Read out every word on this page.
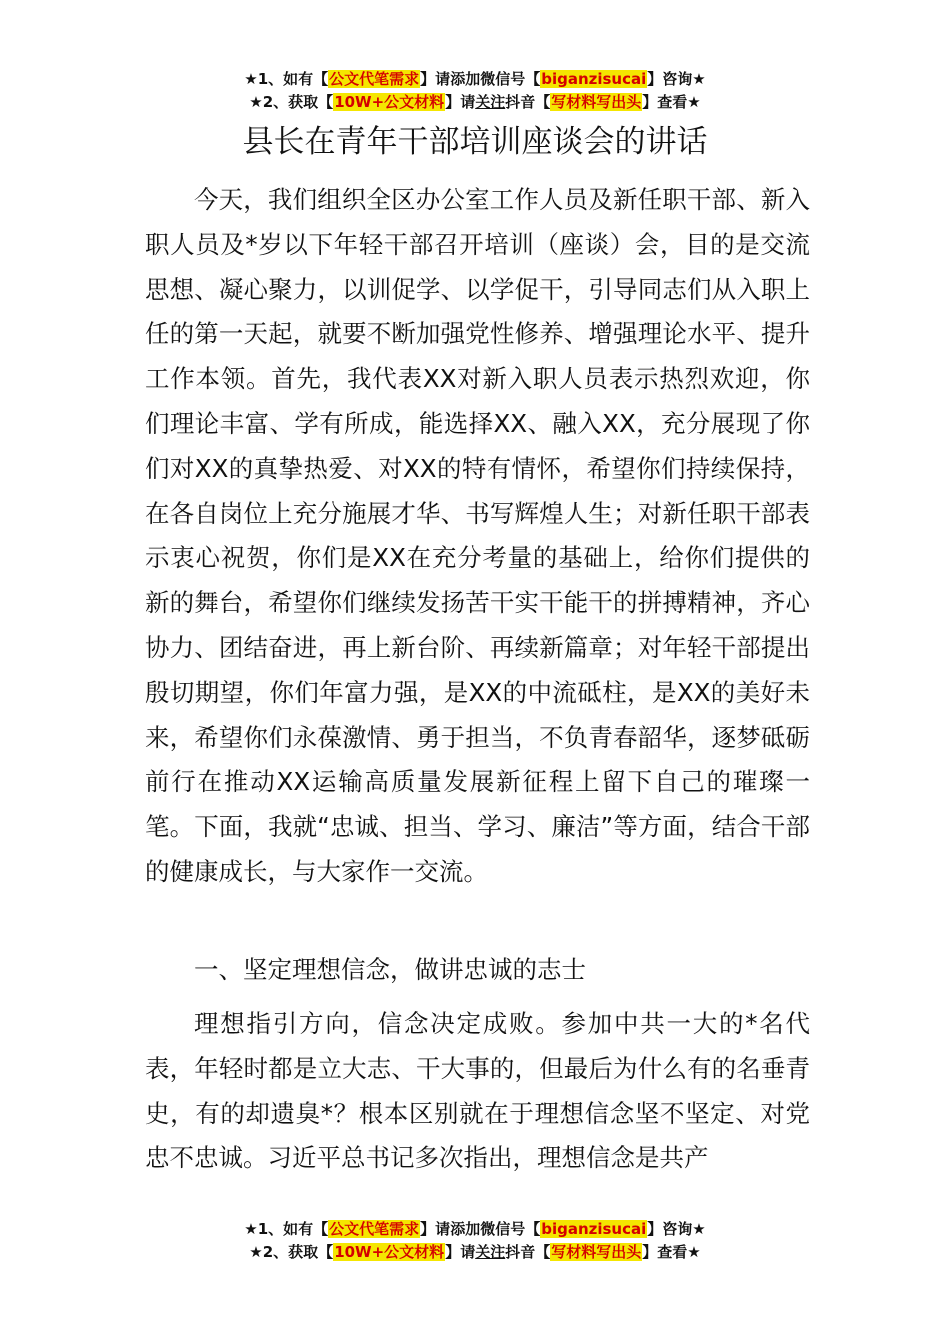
★1、如有【公文代笔需求】请添加微信号【biganzisucai】咨询★
★2、获取【10W+公文材料】请关注抖音【写材料写出头】查看★
县长在青年干部培训座谈会的讲话

今天，我们组织全区办公室工作人员及新任职干部、新入职人员及*岁以下年轻干部召开培训（座谈）会，目的是交流思想、凝心聚力，以训促学、以学促干，引导同志们从入职上任的第一天起，就要不断加强党性修养、增强理论水平、提升工作本领。首先，我代表XX对新入职人员表示热烈欢迎，你们理论丰富、学有所成，能选择XX、融入XX，充分展现了你们对XX的真挚热爱、对XX的特有情怀，希望你们持续保持，在各自岗位上充分施展才华、书写辉煌人生；对新任职干部表示衷心祝贺，你们是XX在充分考量的基础上，给你们提供的新的舞台，希望你们继续发扬苦干实干能干的拼搏精神，齐心协力、团结奋进，再上新台阶、再续新篇章；对年轻干部提出殷切期望，你们年富力强，是XX的中流砥柱，是XX的美好未来，希望你们永葆激情、勇于担当，不负青春韶华，逐梦砥砺前行在推动XX运输高质量发展新征程上留下自己的璀璨一笔。下面，我就“忠诚、担当、学习、廉洁”等方面，结合干部的健康成长，与大家作一交流。

一、坚定理想信念，做讲忠诚的志士

理想指引方向，信念决定成败。参加中共一大的*名代表，年轻时都是立大志、干大事的，但最后为什么有的名垂青史，有的却遗臭*？根本区别就在于理想信念坚不坚定、对党忠不忠诚。习近平总书记多次指出，理想信念是共产

★1、如有【公文代笔需求】请添加微信号【biganzisucai】咨询★
★2、获取【10W+公文材料】请关注抖音【写材料写出头】查看★
